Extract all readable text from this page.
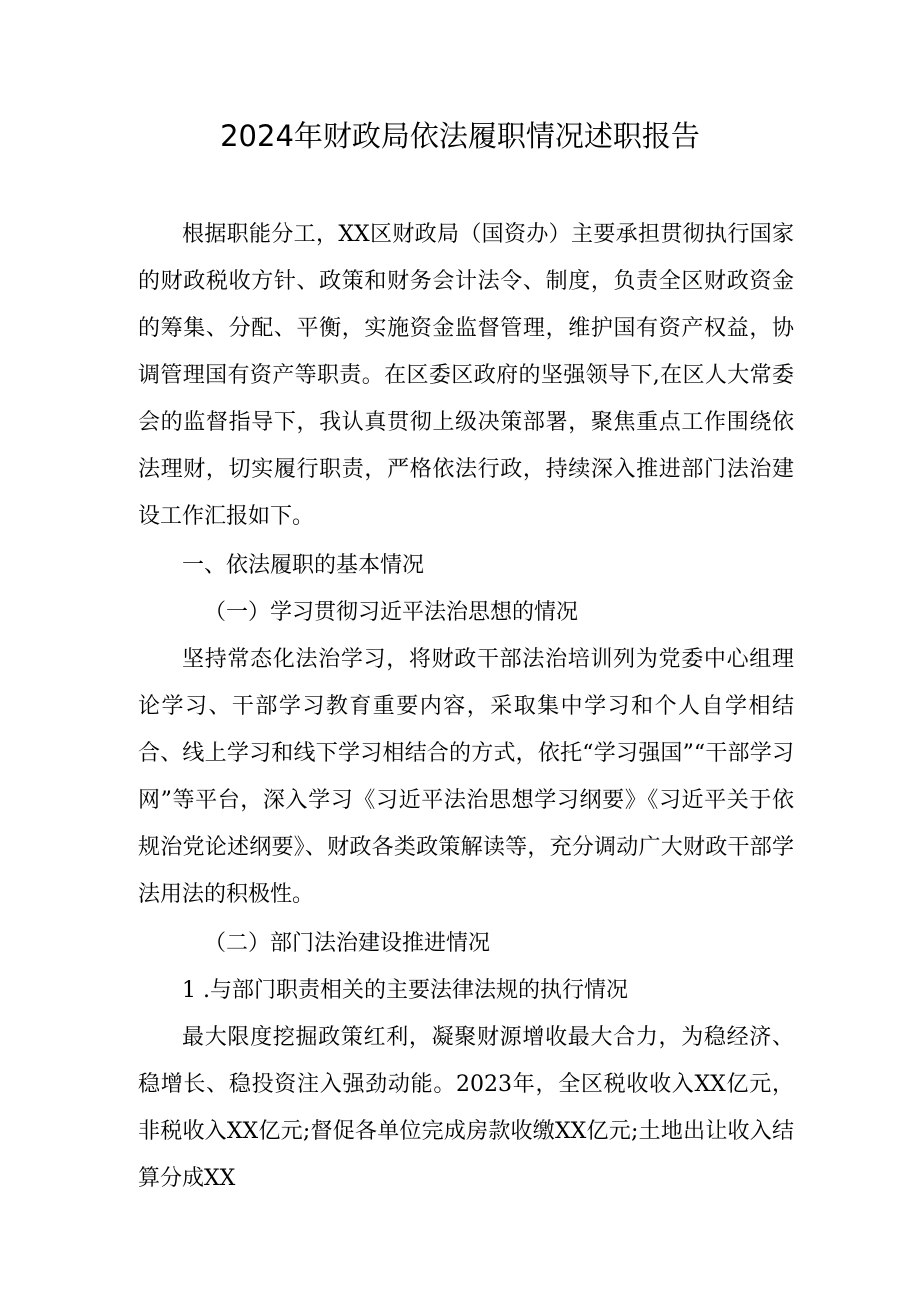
2024年财政局依法履职情况述职报告

根据职能分工，XX区财政局（国资办）主要承担贯彻执行国家的财政税收方针、政策和财务会计法令、制度，负责全区财政资金的筹集、分配、平衡，实施资金监督管理，维护国有资产权益，协调管理国有资产等职责。在区委区政府的坚强领导下,在区人大常委会的监督指导下，我认真贯彻上级决策部署，聚焦重点工作围绕依法理财，切实履行职责，严格依法行政，持续深入推进部门法治建设工作汇报如下。

一、依法履职的基本情况

（一）学习贯彻习近平法治思想的情况

坚持常态化法治学习，将财政干部法治培训列为党委中心组理论学习、干部学习教育重要内容，采取集中学习和个人自学相结合、线上学习和线下学习相结合的方式，依托“学习强国”“干部学习网”等平台，深入学习《习近平法治思想学习纲要》《习近平关于依规治党论述纲要》、财政各类政策解读等，充分调动广大财政干部学法用法的积极性。

（二）部门法治建设推进情况

1 .与部门职责相关的主要法律法规的执行情况

最大限度挖掘政策红利，凝聚财源增收最大合力，为稳经济、稳增长、稳投资注入强劲动能。2023年，全区税收收入XX亿元，非税收入XX亿元;督促各单位完成房款收缴XX亿元;土地出让收入结算分成XX
